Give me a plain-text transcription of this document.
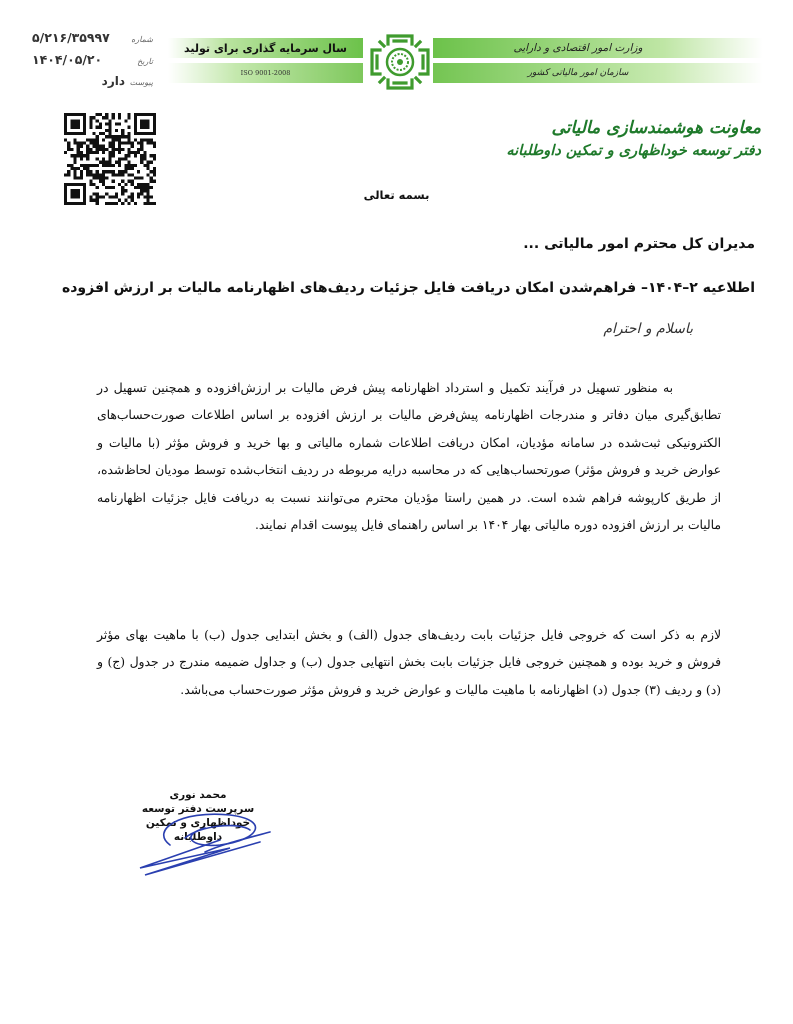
شماره
۵/۲۱۶/۳۵۹۹۷
تاریخ
۱۴۰۴/۰۵/۲۰
پیوست
دارد
سال سرمایه گذاری برای تولید
ISO 9001-2008
وزارت امور اقتصادی و دارایی
سازمان امور مالیاتی کشور
معاونت هوشمندسازی مالیاتی
دفتر توسعه خوداظهاری و تمکین داوطلبانه
بسمه تعالی
مدیران کل محترم امور مالیاتی ...
اطلاعیه ۲–۱۴۰۴– فراهم‌شدن امکان دریافت فایل جزئیات ردیف‌های اظهارنامه مالیات بر ارزش افزوده
باسلام و احترام

به منظور تسهیل در فرآیند تکمیل و استرداد اظهارنامه پیش فرض مالیات بر ارزش‌افزوده و همچنین تسهیل در تطابق‌گیری میان دفاتر و مندرجات اظهارنامه پیش‌فرض مالیات بر ارزش افزوده بر اساس اطلاعات صورت‌حساب‌های الکترونیکی ثبت‌شده در سامانه مؤدیان، امکان دریافت اطلاعات شماره مالیاتی و بها خرید و فروش مؤثر (با مالیات و عوارض خرید و فروش مؤثر) صورتحساب‌هایی که در محاسبه درایه مربوطه در ردیف انتخاب‌شده توسط مودیان لحاظ‌شده، از طریق کارپوشه فراهم شده است. در همین راستا مؤدیان محترم می‌توانند نسبت به دریافت فایل جزئیات اظهارنامه مالیات بر ارزش افزوده دوره مالیاتی بهار ۱۴۰۴ بر اساس راهنمای فایل پیوست اقدام نمایند.

لازم به ذکر است که خروجی فایل جزئیات بابت ردیف‌های جدول (الف) و بخش ابتدایی جدول (ب) با ماهیت بهای مؤثر فروش و خرید بوده و همچنین خروجی فایل جزئیات بابت بخش انتهایی جدول (ب) و جداول ضمیمه مندرج در جدول (ج) و (د) و ردیف (۳) جدول (د) اظهارنامه با ماهیت مالیات و عوارض خرید و فروش مؤثر صورت‌حساب می‌باشد.

محمد نوری
سرپرست دفتر توسعه خوداظهاری و تمکین
داوطلبانه
